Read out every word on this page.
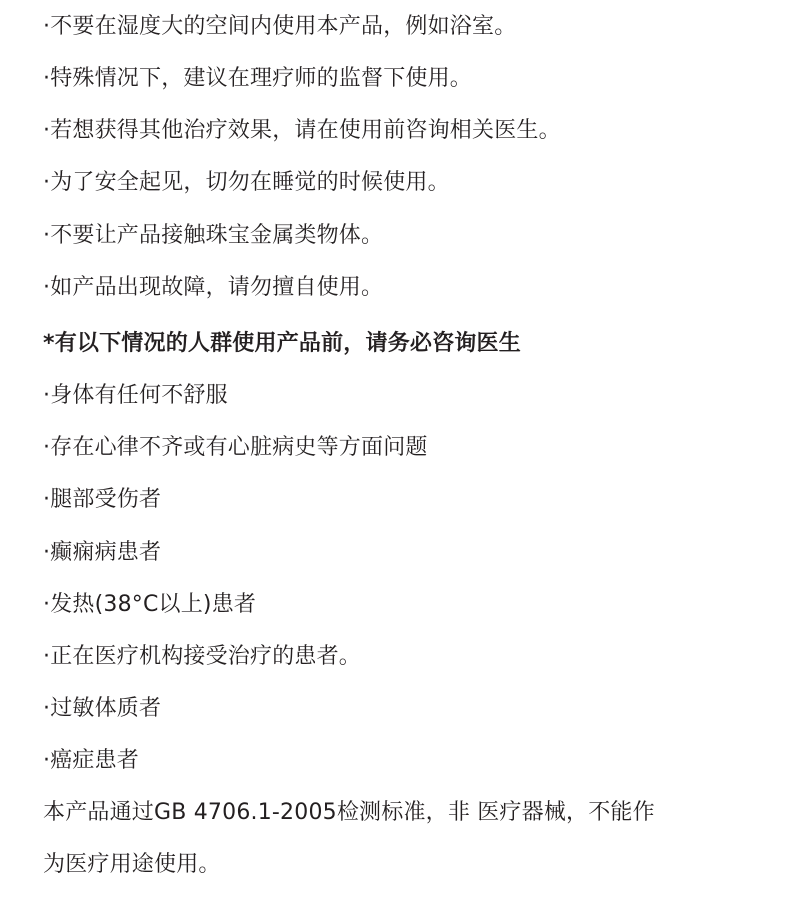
·不要在湿度大的空间内使用本产品，例如浴室。
·特殊情况下，建议在理疗师的监督下使用。
·若想获得其他治疗效果，请在使用前咨询相关医生。
·为了安全起见，切勿在睡觉的时候使用。
·不要让产品接触珠宝金属类物体。
·如产品出现故障，请勿擅自使用。
*有以下情况的人群使用产品前，请务必咨询医生
·身体有任何不舒服
·存在心律不齐或有心脏病史等方面问题
·腿部受伤者
·癫痫病患者
·发热(38°C以上)患者
·正在医疗机构接受治疗的患者。
·过敏体质者
·癌症患者
本产品通过GB 4706.1-2005检测标准，非 医疗器械，不能作
为医疗用途使用。
